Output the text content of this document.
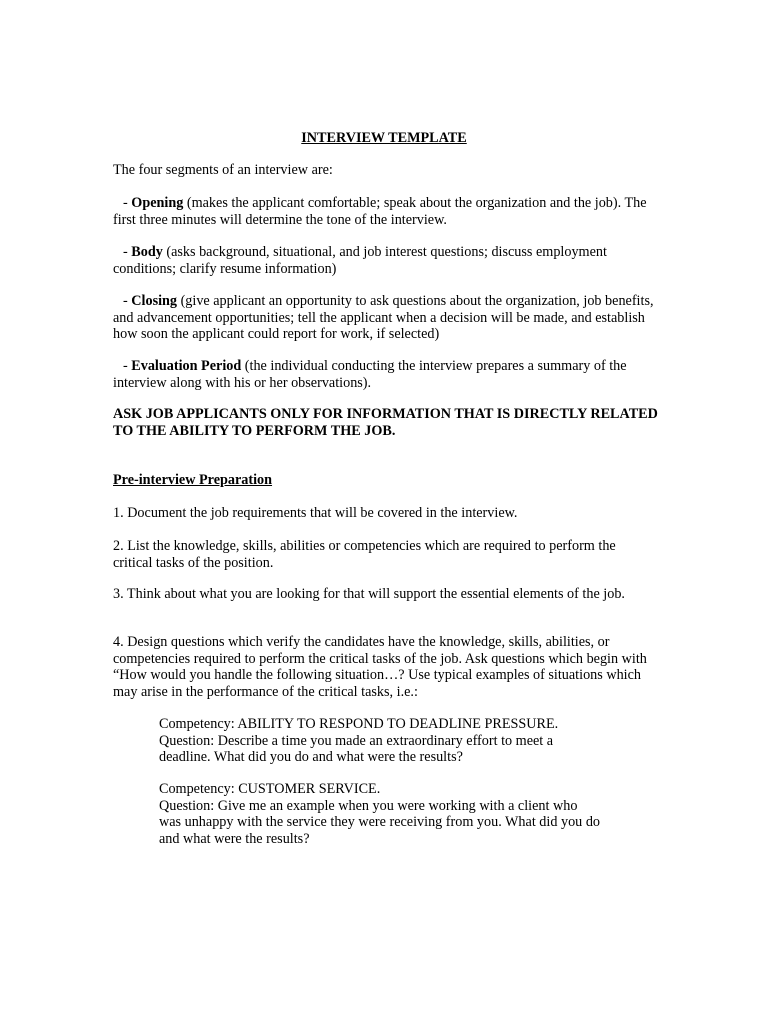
INTERVIEW TEMPLATE

The four segments of an interview are:

- Opening (makes the applicant comfortable; speak about the organization and the job). The first three minutes will determine the tone of the interview.

- Body (asks background, situational, and job interest questions; discuss employment conditions; clarify resume information)

- Closing (give applicant an opportunity to ask questions about the organization, job benefits, and advancement opportunities; tell the applicant when a decision will be made, and establish how soon the applicant could report for work, if selected)

- Evaluation Period (the individual conducting the interview prepares a summary of the interview along with his or her observations).

ASK JOB APPLICANTS ONLY FOR INFORMATION THAT IS DIRECTLY RELATED TO THE ABILITY TO PERFORM THE JOB.

Pre-interview Preparation

1. Document the job requirements that will be covered in the interview.

2. List the knowledge, skills, abilities or competencies which are required to perform the critical tasks of the position.

3. Think about what you are looking for that will support the essential elements of the job.

4. Design questions which verify the candidates have the knowledge, skills, abilities, or competencies required to perform the critical tasks of the job. Ask questions which begin with “How would you handle the following situation…? Use typical examples of situations which may arise in the performance of the critical tasks, i.e.:

Competency: ABILITY TO RESPOND TO DEADLINE PRESSURE.
Question: Describe a time you made an extraordinary effort to meet a
deadline. What did you do and what were the results?
Competency: CUSTOMER SERVICE.
Question: Give me an example when you were working with a client who
was unhappy with the service they were receiving from you. What did you do
and what were the results?
